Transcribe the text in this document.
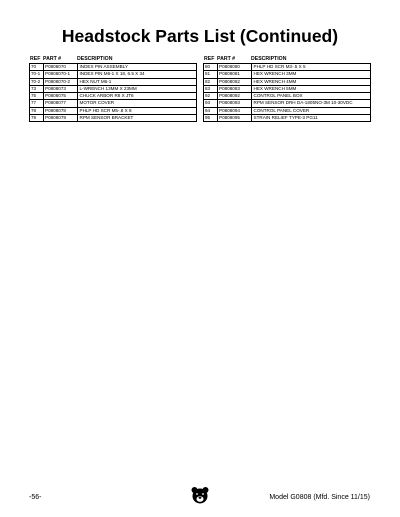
Headstock Parts List (Continued)
REF PART #	DESCRIPTION
70	P0808070	INDEX PIN ASSEMBLY
70-1	P0808070-1	INDEX PIN M6-1 X 18, 6.5 X 34
70-2	P0808070-2	HEX NUT M6-1
73	P0808073	L-WRENCH 13MM X 23MM
75	P0808075	CHUCK ARBOR R8 X JT6
77	P0808077	MOTOR COVER
78	P0808078	PHLP HD SCR M5-.8 X 8
79	P0808079	RPM SENSOR BRACKET
REF PART #	DESCRIPTION
80	P0808080	PHLP HD SCR M3-.5 X 5
81	P0808081	HEX WRENCH 3MM
82	P0808082	HEX WRENCH 4MM
83	P0808083	HEX WRENCH 5MM
92	P0808092	CONTROL PANEL BOX
93	P0808093	RPM SENSOR DRH DA-1805NO-3M 10-30VDC
94	P0808094	CONTROL PANEL COVER
95	P0808095	STRAIN RELIEF TYPE-3 PG11
-56-	Model G0808 (Mfd. Since 11/15)
